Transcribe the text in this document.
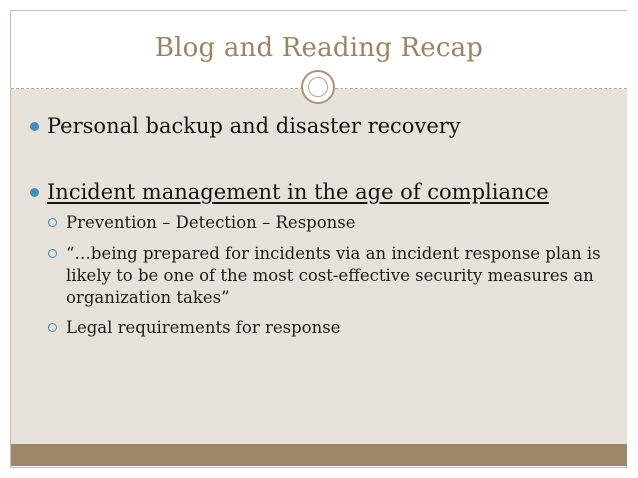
Blog and Reading Recap
Personal backup and disaster recovery
Incident management in the age of compliance
Prevention – Detection – Response
“…being prepared for incidents via an incident response plan is likely to be one of the most cost-effective security measures an organization takes”
Legal requirements for response
